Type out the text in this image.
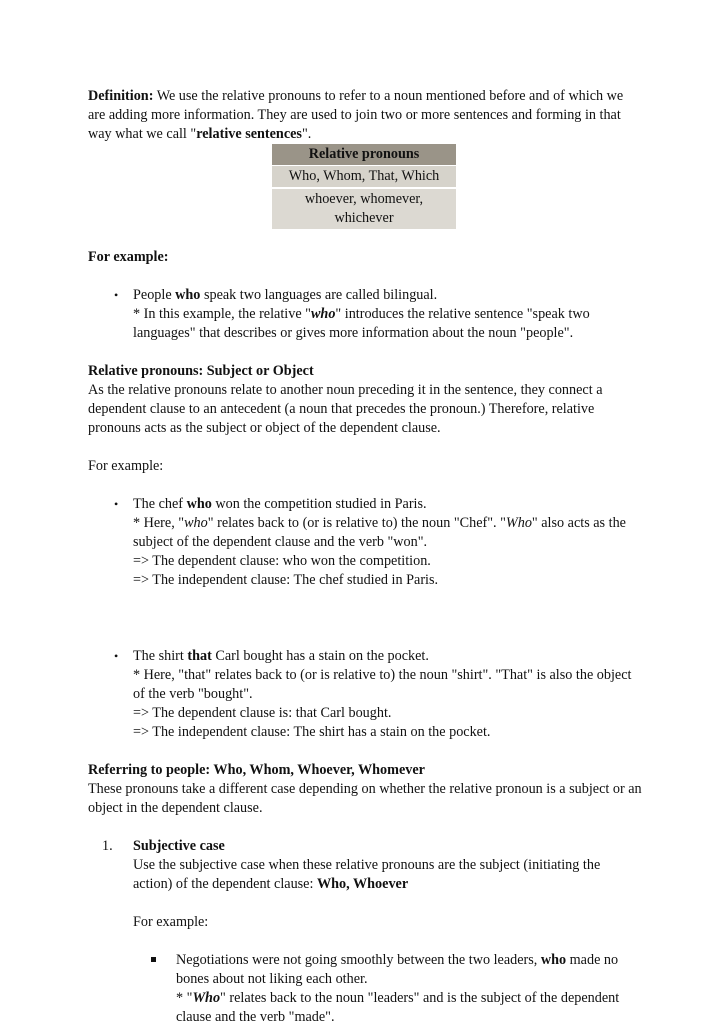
Definition: We use the relative pronouns to refer to a noun mentioned before and of which we are adding more information. They are used to join two or more sentences and forming in that way what we call "relative sentences".

Relative pronouns
Who, Whom, That, Which
whoever, whomever, whichever

For example:

• People who speak two languages are called bilingual.

* In this example, the relative "who" introduces the relative sentence "speak two languages" that describes or gives more information about the noun "people".

Relative pronouns: Subject or Object

As the relative pronouns relate to another noun preceding it in the sentence, they connect a dependent clause to an antecedent (a noun that precedes the pronoun.) Therefore, relative pronouns acts as the subject or object of the dependent clause.

For example:

• The chef who won the competition studied in Paris.

* Here, "who" relates back to (or is relative to) the noun "Chef". "Who" also acts as the subject of the dependent clause and the verb "won".

=> The dependent clause: who won the competition.

=> The independent clause: The chef studied in Paris.

• The shirt that Carl bought has a stain on the pocket.

* Here, "that" relates back to (or is relative to) the noun "shirt". "That" is also the object of the verb "bought".

=> The dependent clause is: that Carl bought.

=> The independent clause: The shirt has a stain on the pocket.

Referring to people: Who, Whom, Whoever, Whomever

These pronouns take a different case depending on whether the relative pronoun is a subject or an object in the dependent clause.

1. Subjective case

Use the subjective case when these relative pronouns are the subject (initiating the action) of the dependent clause: Who, Whoever

For example:

Negotiations were not going smoothly between the two leaders, who made no bones about not liking each other.

* "Who" relates back to the noun "leaders" and is the subject of the dependent clause and the verb "made".
